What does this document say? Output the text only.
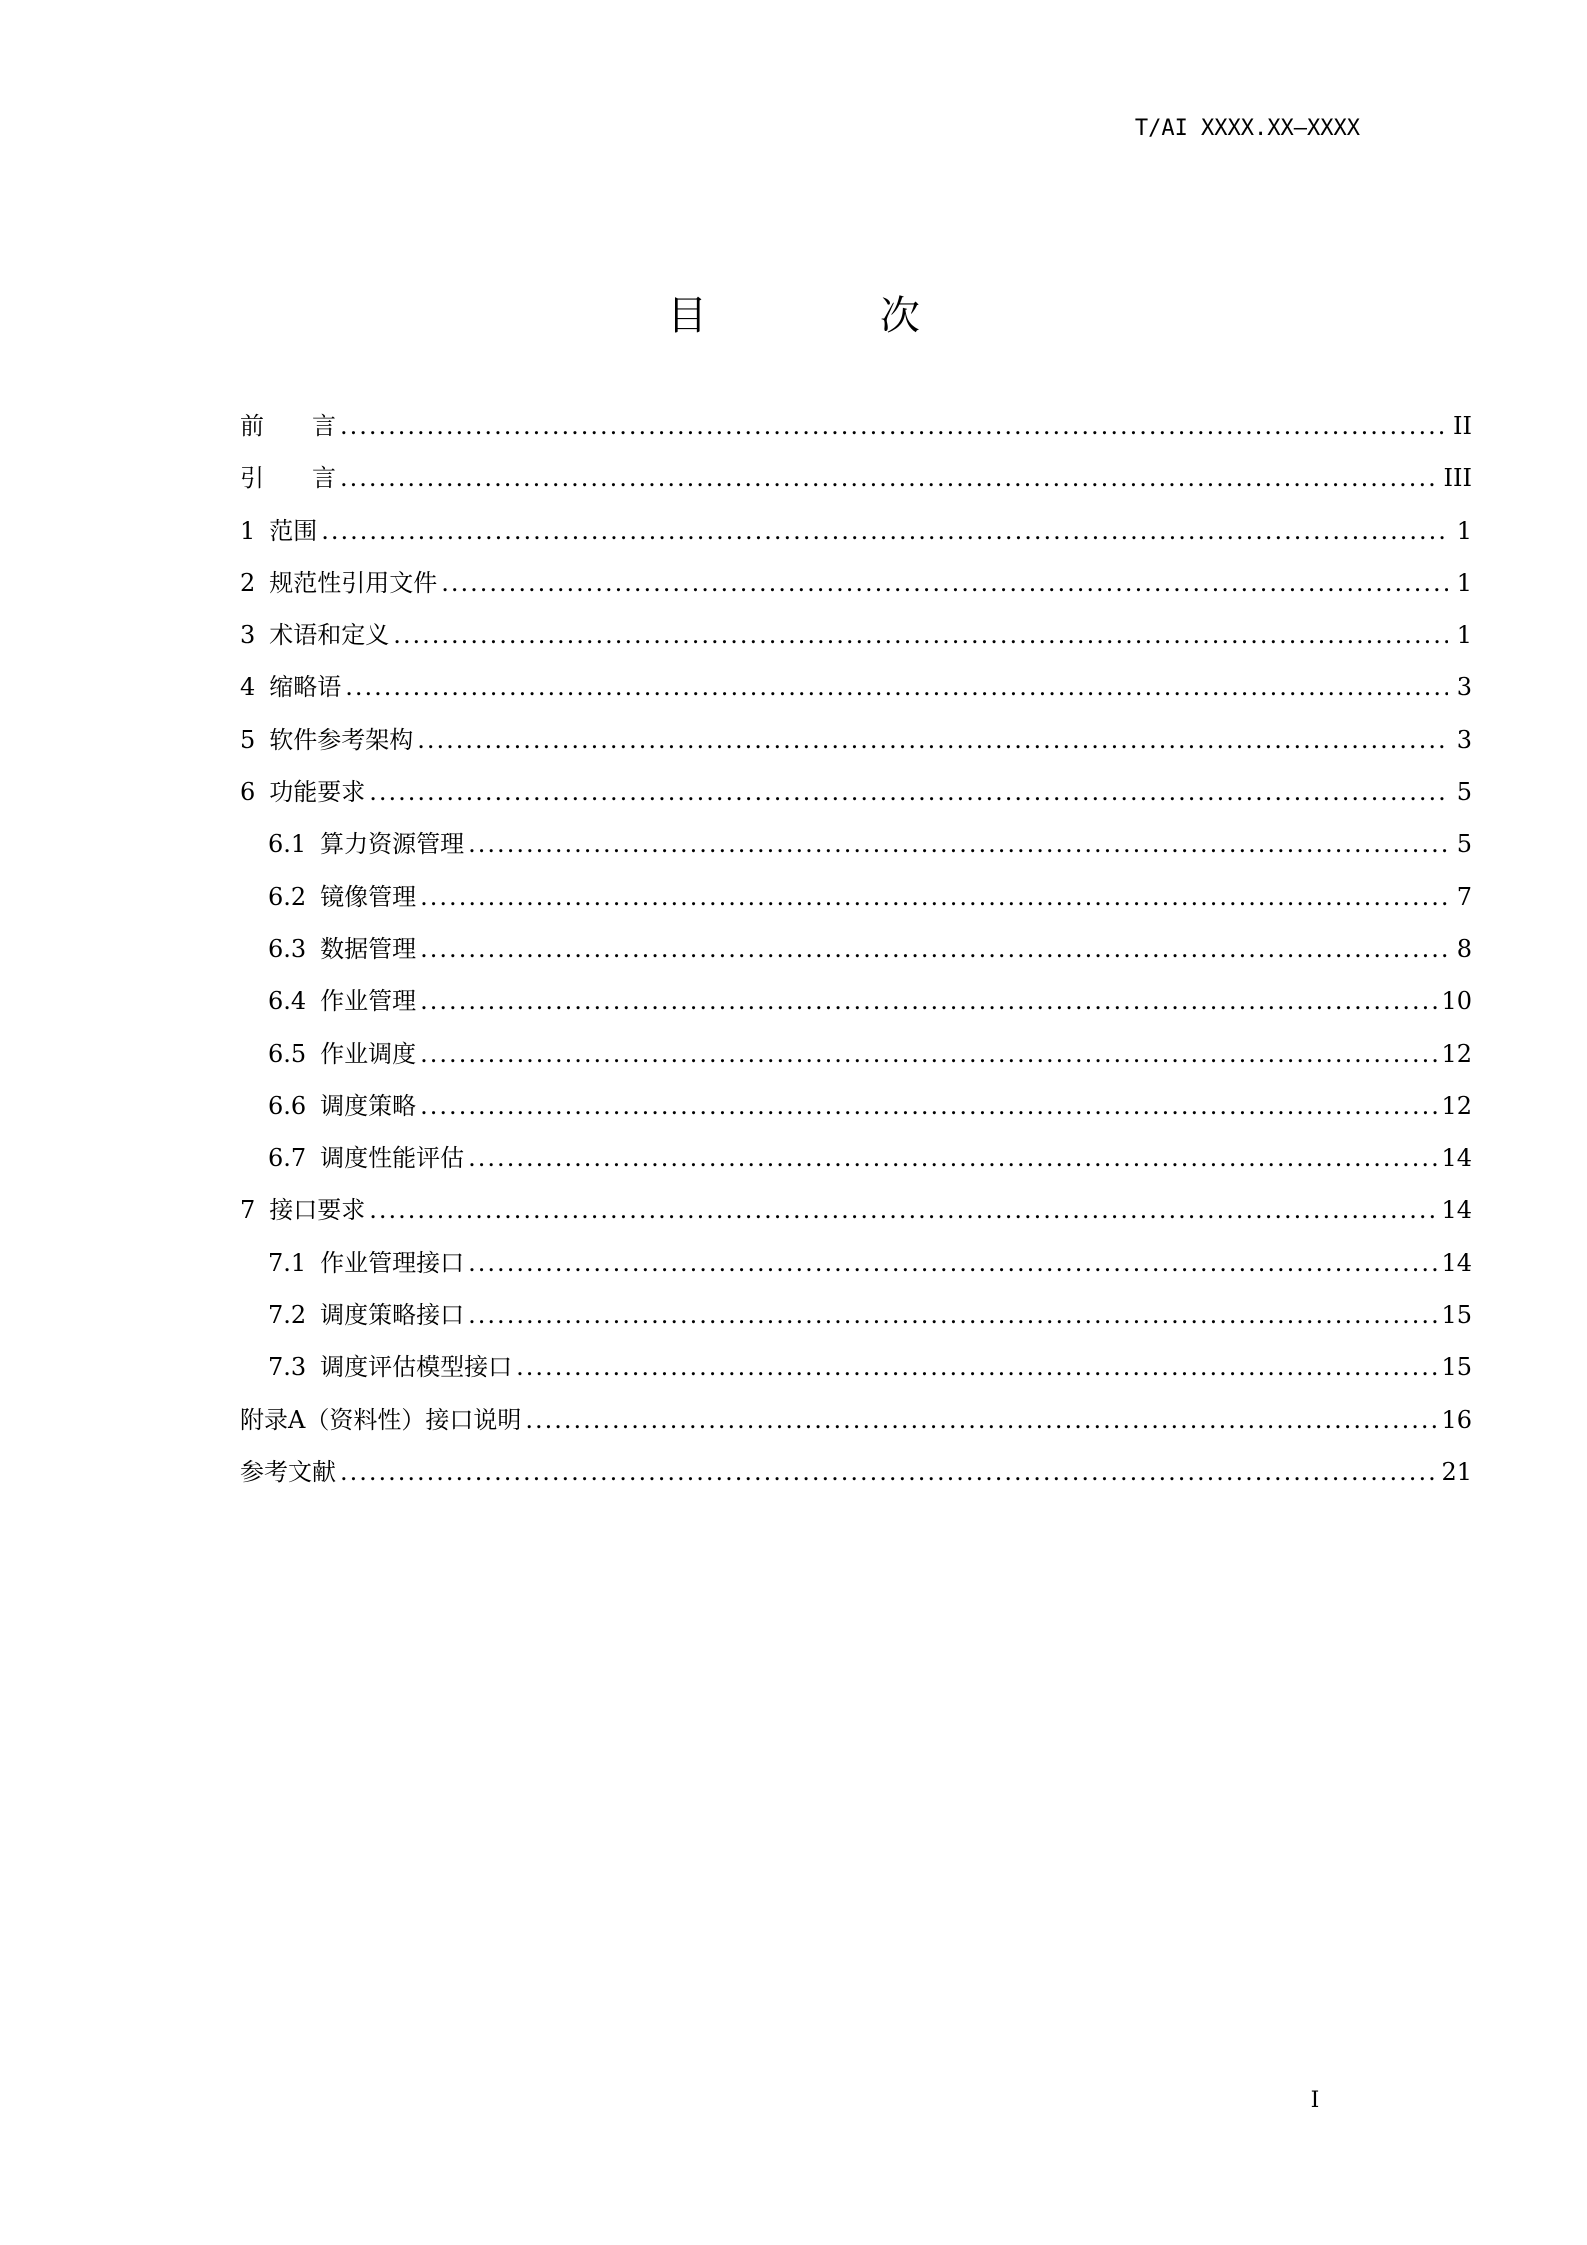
T/AI XXXX.XX—XXXX
目 次
前　　言 .....	II
引　　言 .....	III
1 范围 .....	1
2 规范性引用文件 .....	1
3 术语和定义 .....	1
4 缩略语 .....	3
5 软件参考架构 .....	3
6 功能要求 .....	5
6.1 算力资源管理 .....	5
6.2 镜像管理 .....	7
6.3 数据管理 .....	8
6.4 作业管理 .....	10
6.5 作业调度 .....	12
6.6 调度策略 .....	12
6.7 调度性能评估 .....	14
7 接口要求 .....	14
7.1 作业管理接口 .....	14
7.2 调度策略接口 .....	15
7.3 调度评估模型接口 .....	15
附录A（资料性）接口说明 .....	16
参考文献 .....	21
I
